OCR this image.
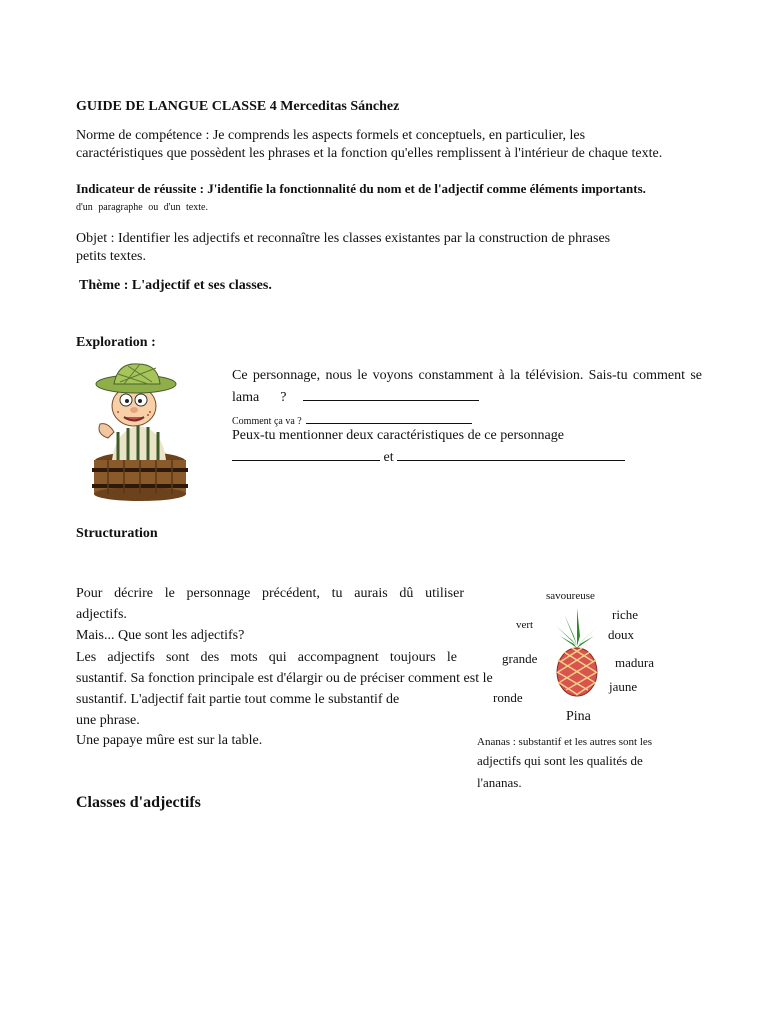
GUIDE DE LANGUE CLASSE 4 Merceditas Sánchez
Norme de compétence : Je comprends les aspects formels et conceptuels, en particulier, les
caractéristiques que possèdent les phrases et la fonction qu'elles remplissent à l'intérieur de chaque texte.
Indicateur de réussite : J'identifie la fonctionnalité du nom et de l'adjectif comme éléments importants.
d'un paragraphe ou d'un texte.
Objet : Identifier les adjectifs et reconnaître les classes existantes par la construction de phrases
petits textes.
Thème : L'adjectif et ses classes.
Exploration :
Ce personnage, nous le voyons constamment à la télévision. Sais-tu comment se
lama ?
Comment ça va ?
Peux-tu mentionner deux caractéristiques de ce personnage
et
Structuration
Pour décrire le personnage précédent, tu aurais dû utiliser
adjectifs.
Mais... Que sont les adjectifs?
Les adjectifs sont des mots qui accompagnent toujours le
sustantif. Sa fonction principale est d'élargir ou de préciser comment est le
sustantif. L'adjectif fait partie tout comme le substantif de
une phrase.
Une papaye mûre est sur la table.
savoureuse
vert
riche
doux
grande	madura
jaune
ronde
Pina
Ananas : substantif et les autres sont les
adjectifs qui sont les qualités de
l'ananas.
Classes d'adjectifs
